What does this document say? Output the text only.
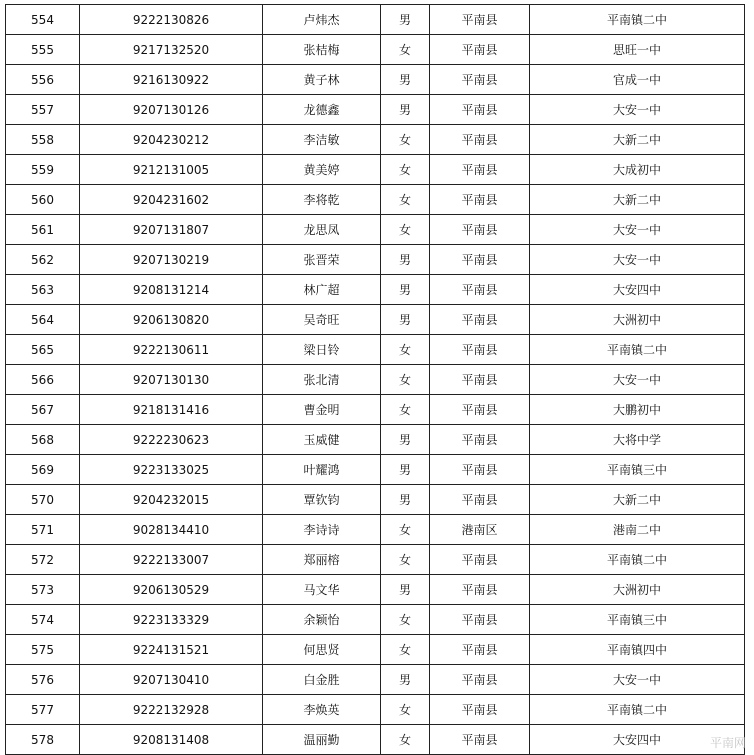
554	9222130826	卢炜杰	男	平南县	平南镇二中
555	9217132520	张桔梅	女	平南县	思旺一中
556	9216130922	黄子林	男	平南县	官成一中
557	9207130126	龙德鑫	男	平南县	大安一中
558	9204230212	李洁敏	女	平南县	大新二中
559	9212131005	黄美婷	女	平南县	大成初中
560	9204231602	李将乾	女	平南县	大新二中
561	9207131807	龙思凤	女	平南县	大安一中
562	9207130219	张晋荣	男	平南县	大安一中
563	9208131214	林广超	男	平南县	大安四中
564	9206130820	吴奇旺	男	平南县	大洲初中
565	9222130611	梁日铃	女	平南县	平南镇二中
566	9207130130	张北清	女	平南县	大安一中
567	9218131416	曹金明	女	平南县	大鹏初中
568	9222230623	玉威健	男	平南县	大将中学
569	9223133025	叶耀鸿	男	平南县	平南镇三中
570	9204232015	覃钦钧	男	平南县	大新二中
571	9028134410	李诗诗	女	港南区	港南二中
572	9222133007	郑丽榕	女	平南县	平南镇二中
573	9206130529	马文华	男	平南县	大洲初中
574	9223133329	余颖怡	女	平南县	平南镇三中
575	9224131521	何思贤	女	平南县	平南镇四中
576	9207130410	白金胜	男	平南县	大安一中
577	9222132928	李焕英	女	平南县	平南镇二中
578	9208131408	温丽勤	女	平南县	大安四中	平南网
